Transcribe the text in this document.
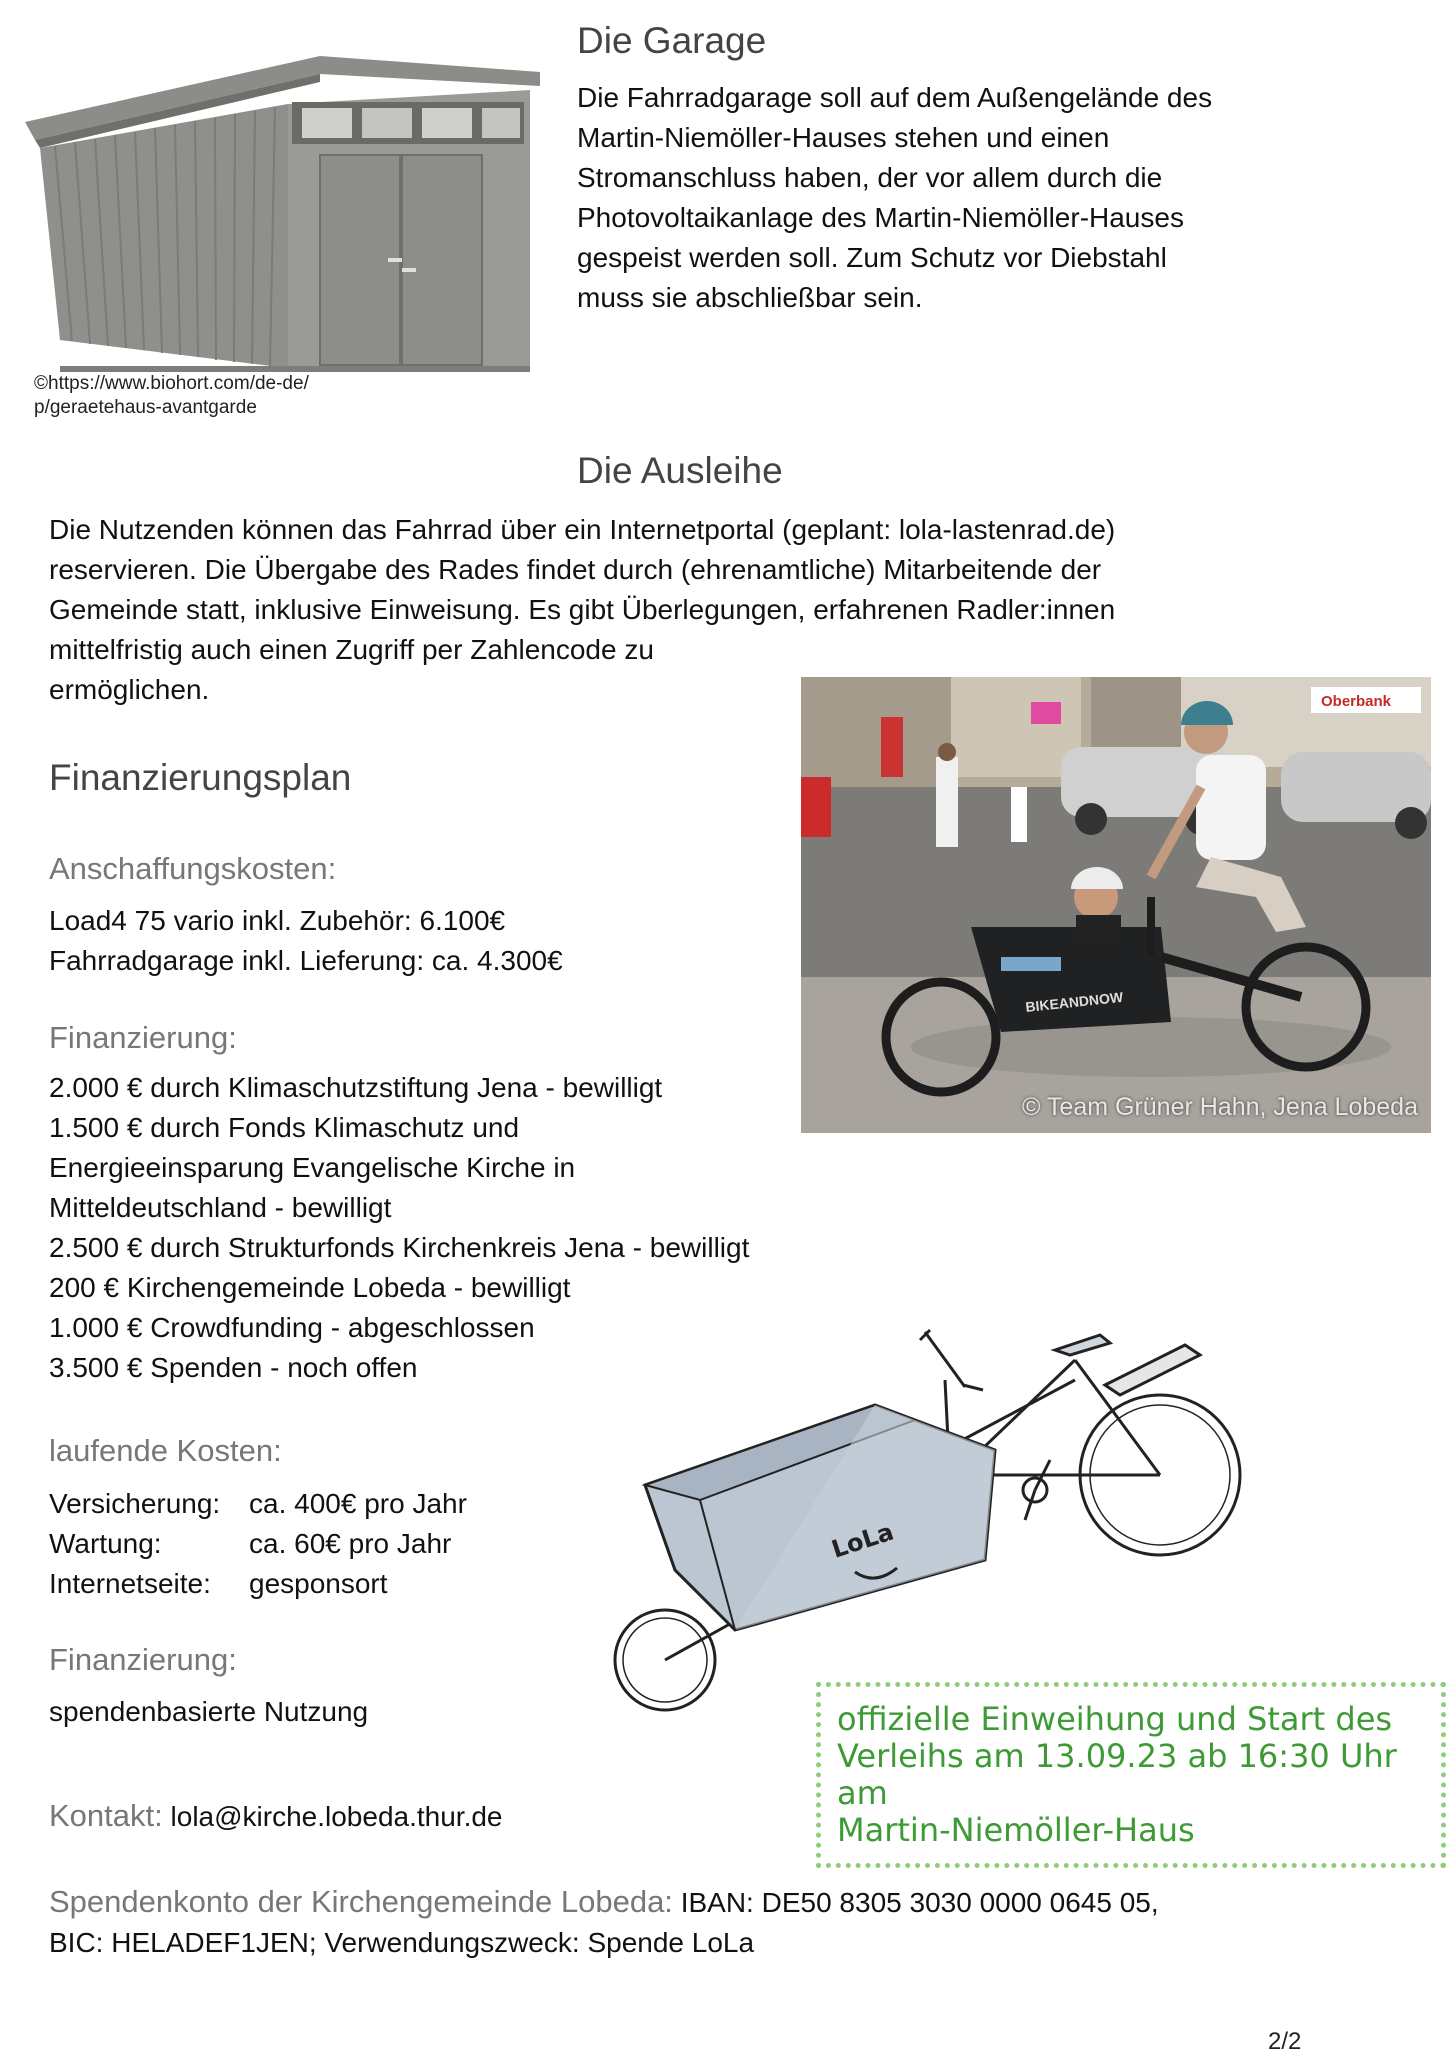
©https://www.biohort.com/de-de/
p/geraetehaus-avantgarde
Die Garage

Die Fahrradgarage soll auf dem Außengelände des

Martin-Niemöller-Hauses stehen und einen

Stromanschluss haben, der vor allem durch die

Photovoltaikanlage des Martin-Niemöller-Hauses

gespeist werden soll. Zum Schutz vor Diebstahl

muss sie abschließbar sein.

Die Ausleihe

Die Nutzenden können das Fahrrad über ein Internetportal (geplant: lola-lastenrad.de)

reservieren. Die Übergabe des Rades findet durch (ehrenamtliche) Mitarbeitende der

Gemeinde statt, inklusive Einweisung. Es gibt Überlegungen, erfahrenen Radler:innen

mittelfristig auch einen Zugriff per Zahlencode zu

ermöglichen.	Oberbank
BIKEANDNOW
© Team Grüner Hahn, Jena Lobeda
Finanzierungsplan
Anschaffungskosten:

Load4 75 vario inkl. Zubehör: 6.100€

Fahrradgarage inkl. Lieferung: ca. 4.300€

Finanzierung:

2.000 € durch Klimaschutzstiftung Jena - bewilligt

1.500 € durch Fonds Klimaschutz und

Energieeinsparung Evangelische Kirche in

Mitteldeutschland - bewilligt

2.500 € durch Strukturfonds Kirchenkreis Jena - bewilligt

200 € Kirchengemeinde Lobeda - bewilligt

1.000 € Crowdfunding - abgeschlossen

3.500 € Spenden - noch offen

laufende Kosten:
Versicherung:	ca. 400€ pro Jahr
Wartung:	ca. 60€ pro Jahr
Internetseite:	gesponsort
Finanzierung:
spendenbasierte Nutzung
LoLa
offizielle Einweihung und Start des
Verleihs am 13.09.23 ab 16:30 Uhr am
Martin-Niemöller-Haus
Kontakt: lola@kirche.lobeda.thur.de

Spendenkonto der Kirchengemeinde Lobeda: IBAN: DE50 8305 3030 0000 0645 05,

BIC: HELADEF1JEN; Verwendungszweck: Spende LoLa

2/2
